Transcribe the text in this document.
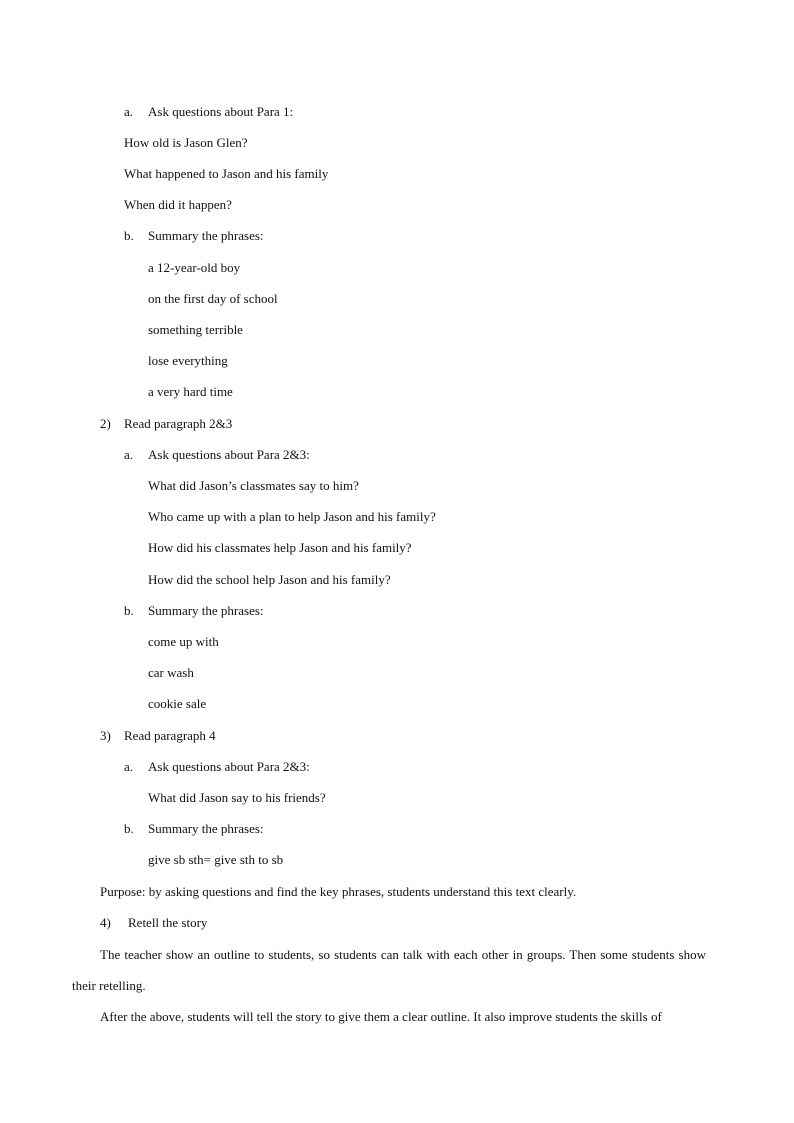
a. Ask questions about Para 1:
How old is Jason Glen?
What happened to Jason and his family
When did it happen?
b. Summary the phrases:
a 12-year-old boy
on the first day of school
something terrible
lose everything
a very hard time
2) Read paragraph 2&3
a. Ask questions about Para 2&3:
What did Jason’s classmates say to him?
Who came up with a plan to help Jason and his family?
How did his classmates help Jason and his family?
How did the school help Jason and his family?
b. Summary the phrases:
come up with
car wash
cookie sale
3) Read paragraph 4
a. Ask questions about Para 2&3:
What did Jason say to his friends?
b. Summary the phrases:
give sb sth= give sth to sb
Purpose: by asking questions and find the key phrases, students understand this text clearly.
4) Retell the story
The teacher show an outline to students, so students can talk with each other in groups. Then some students show their retelling.
After the above, students will tell the story to give them a clear outline. It also improve students the skills of
